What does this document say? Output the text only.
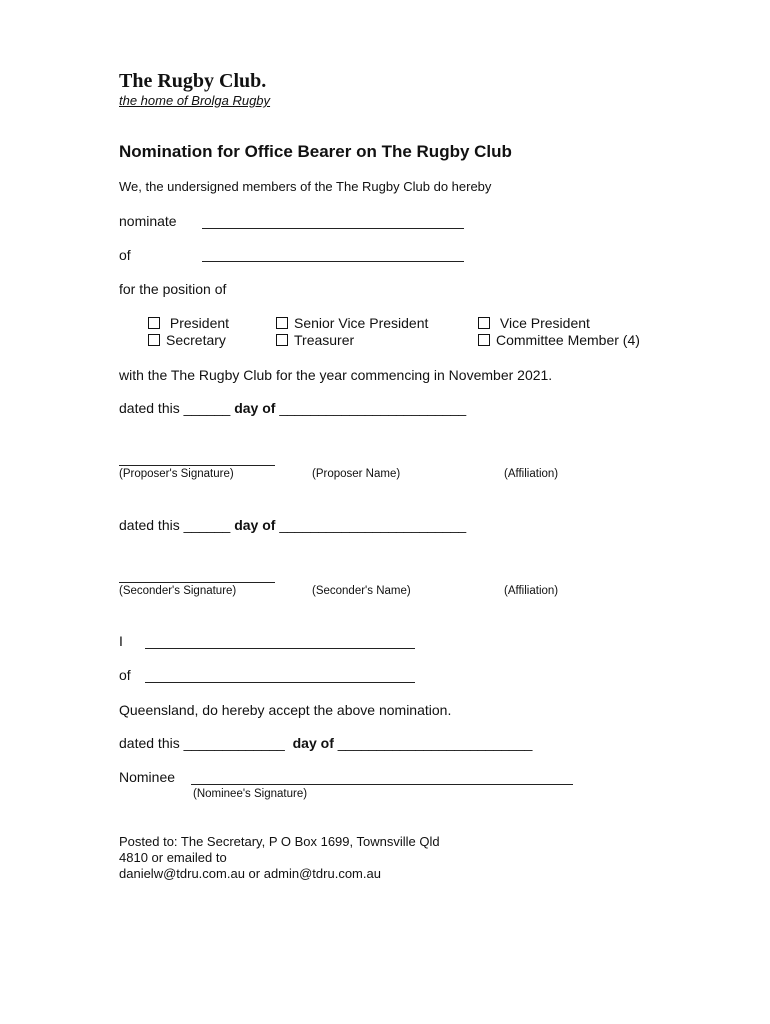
The Rugby Club.
the home of Brolga Rugby
Nomination for Office Bearer on The Rugby Club
We, the undersigned members of the The Rugby Club do hereby
nominate
of
for the position of
President
Secretary
Senior Vice President
Treasurer
Vice President
Committee Member (4)
with the The Rugby Club for the year commencing in November 2021.
dated this ______ day of ________________________
(Proposer's Signature)	(Proposer Name)	(Affiliation)
dated this ______ day of ________________________
(Seconder's Signature)	(Seconder's Name)	(Affiliation)
I
of
Queensland, do hereby accept the above nomination.
dated this _____________ day of _________________________
Nominee
(Nominee's Signature)
Posted to: The Secretary, P O Box 1699, Townsville Qld
4810 or emailed to
danielw@tdru.com.au or admin@tdru.com.au
